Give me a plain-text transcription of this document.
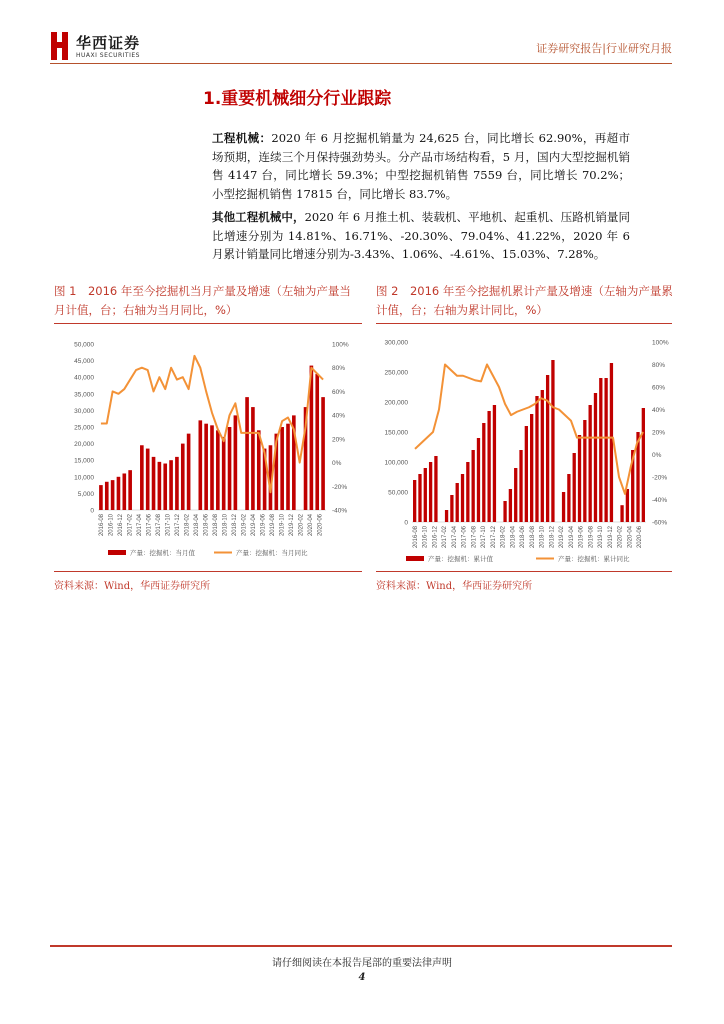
华西证券
HUAXI SECURITIES
证券研究报告|行业研究月报
1.重要机械细分行业跟踪
工程机械：2020 年 6 月挖掘机销量为 24,625 台，同比增长 62.90%，再超市场预期，连续三个月保持强劲势头。分产品市场结构看，5 月，国内大型挖掘机销售 4147 台，同比增长 59.3%；中型挖掘机销售 7559 台，同比增长 70.2%；小型挖掘机销售 17815 台，同比增长 83.7%。
其他工程机械中，2020 年 6 月推土机、装载机、平地机、起重机、压路机销量同比增速分别为 14.81%、16.71%、-20.30%、79.04%、41.22%，2020 年 6 月累计销量同比增速分别为-3.43%、1.06%、-4.61%、15.03%、7.28%。
图 1　2016 年至今挖掘机当月产量及增速（左轴为产量当月计值，台；右轴为当月同比，%）
图 2　2016 年至今挖掘机累计产量及增速（左轴为产量累计值，台；右轴为累计同比，%）
50,000
45,000
40,000
35,000
30,000
25,000
20,000
15,000
10,000
5,000
0
100%
80%
60%
40%
20%
0%
-20%
-40%
2016-08 2016-10 2016-12 2017-02 2017-04 2017-06 2017-08 2017-10 2017-12 2018-02 2018-04 2018-06 2018-08 2018-10 2018-12 2019-02 2019-04 2019-06 2019-08 2019-10 2019-12 2020-02 2020-04 2020-06
产量：挖掘机：当月值	产量：挖掘机：当月同比
300,000
250,000
200,000
150,000
100,000
50,000
0
100%
80%
60%
40%
20%
0%
-20%
-40%
-60%
2016-08 2016-10 2016-12 2017-02 2017-04 2017-06 2017-08 2017-10 2017-12 2018-02 2018-04 2018-06 2018-08 2018-10 2018-12 2019-02 2019-04 2019-06 2019-08 2019-10 2019-12 2020-02 2020-04 2020-06
产量：挖掘机：累计值	产量：挖掘机：累计同比
资料来源：Wind，华西证券研究所	资料来源：Wind，华西证券研究所
请仔细阅读在本报告尾部的重要法律声明
4
